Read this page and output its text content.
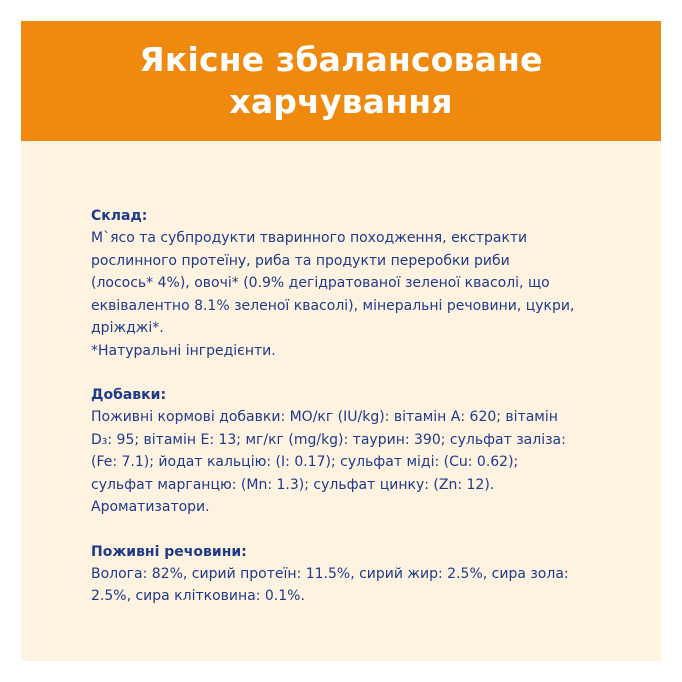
Якісне збалансоване
харчування
Склад:
М`ясо та субпродукти тваринного походження, екстракти
рослинного протеїну, риба та продукти переробки риби
(лосось* 4%), овочі* (0.9% дегідратованої зеленої квасолі, що
еквівалентно 8.1% зеленої квасолі), мінеральні речовини, цукри,
дріжджі*.
*Натуральні інгредієнти.
Добавки:
Поживні кормові добавки: МО/кг (IU/kg): вітамін А: 620; вітамін
D₃: 95; вітамін Е: 13; мг/кг (mg/kg): таурин: 390; сульфат заліза:
(Fe: 7.1); йодат кальцію: (I: 0.17); сульфат міді: (Cu: 0.62);
сульфат марганцю: (Mn: 1.3); сульфат цинку: (Zn: 12).
Ароматизатори.
Поживні речовини:
Вологa: 82%, сирий протеїн: 11.5%, сирий жир: 2.5%, сира зола:
2.5%, сира клітковина: 0.1%.
